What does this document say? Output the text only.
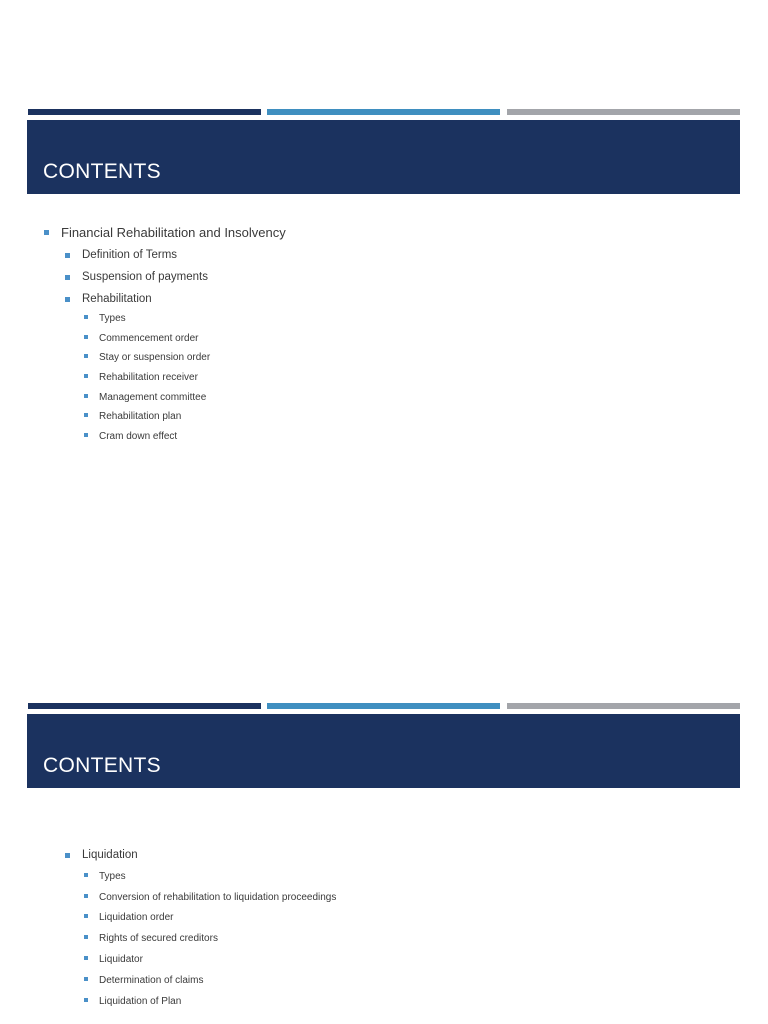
CONTENTS
Financial Rehabilitation and Insolvency
Definition of Terms
Suspension of payments
Rehabilitation
Types
Commencement order
Stay or suspension order
Rehabilitation receiver
Management committee
Rehabilitation plan
Cram down effect
CONTENTS
Liquidation
Types
Conversion of rehabilitation to liquidation proceedings
Liquidation order
Rights of secured creditors
Liquidator
Determination of claims
Liquidation of Plan
